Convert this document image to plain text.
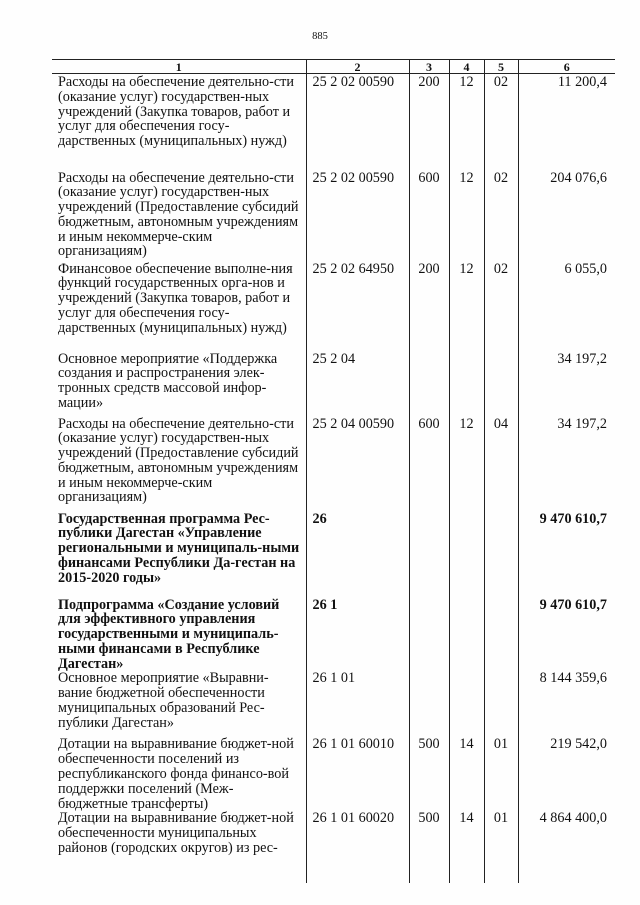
885
1	2	3	4	5	6
Расходы на обеспечение деятельно-сти (оказание услуг) государствен-ных учреждений (Закупка товаров, работ и услуг для обеспечения госу-дарственных (муниципальных) нужд)	25 2 02 00590	200	12	02	11 200,4
Расходы на обеспечение деятельно-сти (оказание услуг) государствен-ных учреждений (Предоставление субсидий бюджетным, автономным учреждениям и иным некоммерче-ским организациям)	25 2 02 00590	600	12	02	204 076,6
Финансовое обеспечение выполне-ния функций государственных орга-нов и учреждений (Закупка товаров, работ и услуг для обеспечения госу-дарственных (муниципальных) нужд)	25 2 02 64950	200	12	02	6 055,0
Основное мероприятие «Поддержка создания и распространения элек-тронных средств массовой инфор-мации»	25 2 04				34 197,2
Расходы на обеспечение деятельно-сти (оказание услуг) государствен-ных учреждений (Предоставление субсидий бюджетным, автономным учреждениям и иным некоммерче-ским организациям)	25 2 04 00590	600	12	04	34 197,2
Государственная программа Рес-публики Дагестан «Управление региональными и муниципаль-ными финансами Республики Да-гестан на 2015-2020 годы»	26				9 470 610,7
Подпрограмма «Создание условий для эффективного управления государственными и муниципаль-ными финансами в Республике Дагестан»	26 1				9 470 610,7
Основное мероприятие «Выравни-вание бюджетной обеспеченности муниципальных образований Рес-публики Дагестан»	26 1 01				8 144 359,6
Дотации на выравнивание бюджет-ной обеспеченности поселений из республиканского фонда финансо-вой поддержки поселений (Меж-бюджетные трансферты)	26 1 01 60010	500	14	01	219 542,0
Дотации на выравнивание бюджет-ной обеспеченности муниципальных районов (городских округов) из рес-	26 1 01 60020	500	14	01	4 864 400,0
